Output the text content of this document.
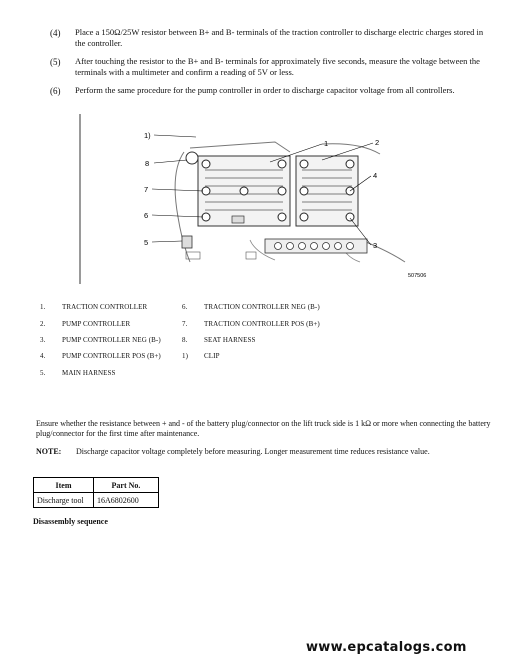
(4) Place a 150Ω/25W resistor between B+ and B- terminals of the traction controller to discharge electric charges stored in the controller.
(5) After touching the resistor to the B+ and B- terminals for approximately five seconds, measure the voltage between the terminals with a multimeter and confirm a reading of 5V or less.
(6) Perform the same procedure for the pump controller in order to discharge capacitor voltage from all controllers.
1)
1	2
8
4
7
6
5	3
507506
1. TRACTION CONTROLLER	6. TRACTION CONTROLLER NEG (B-)
2. PUMP CONTROLLER	7. TRACTION CONTROLLER POS (B+)
3. PUMP CONTROLLER NEG (B-)	8. SEAT HARNESS
4. PUMP CONTROLLER POS (B+)	1) CLIP
5. MAIN HARNESS
Ensure whether the resistance between + and - of the battery plug/connector on the lift truck side is 1 kΩ or more when connecting the battery plug/connector for the first time after maintenance.
NOTE: Discharge capacitor voltage completely before measuring. Longer measurement time reduces resistance value.
Item	Part No.
Discharge tool	16A6802600
Disassembly sequence
www.epcatalogs.com
